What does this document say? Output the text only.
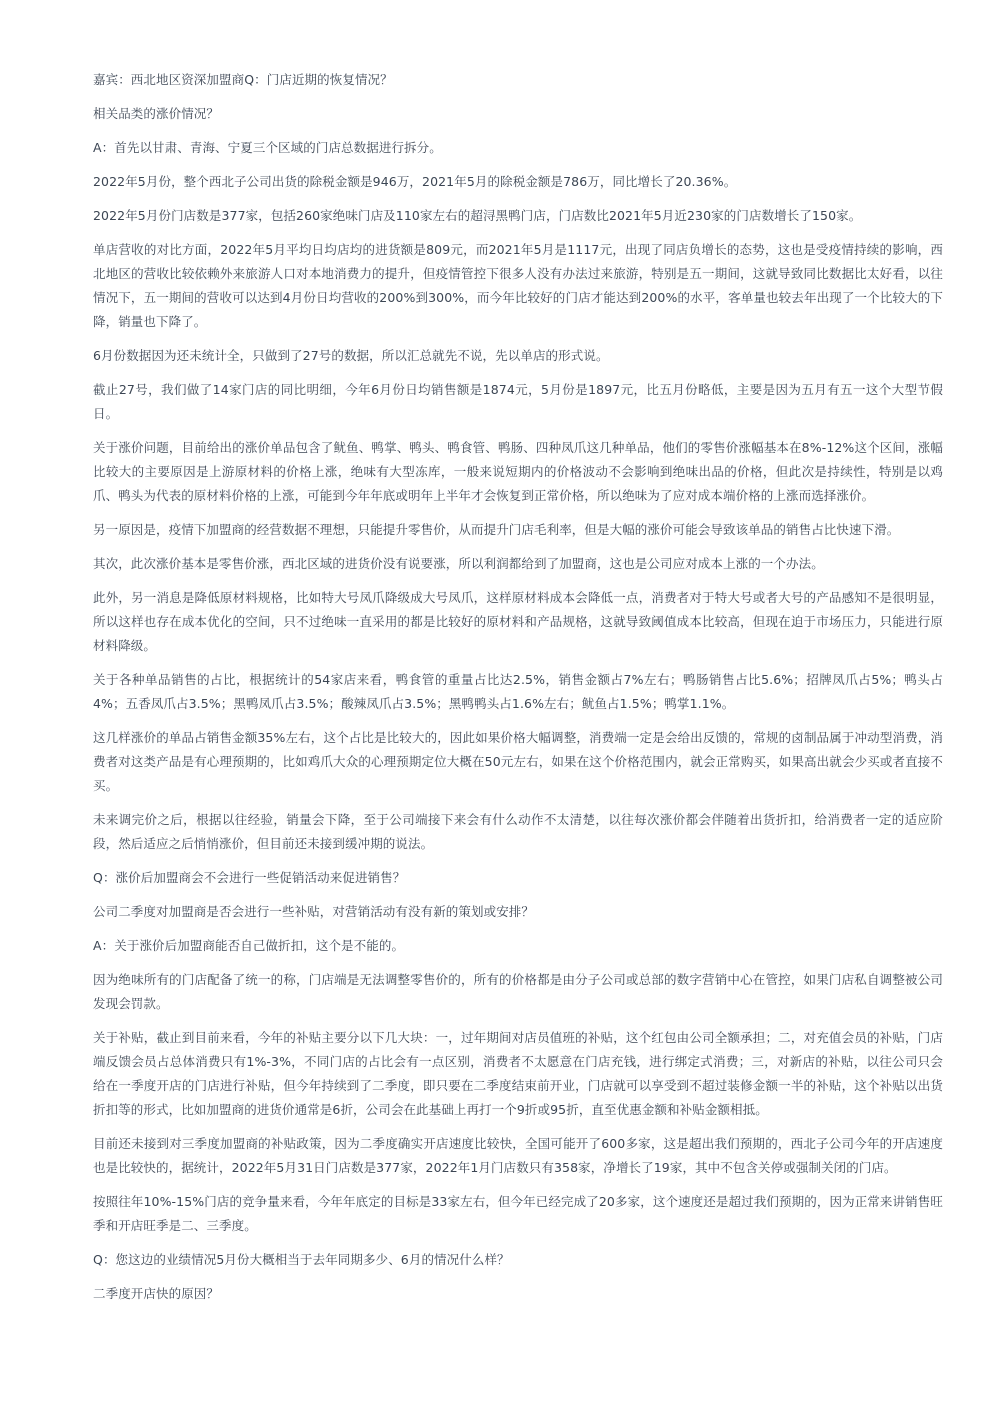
嘉宾：西北地区资深加盟商Q：门店近期的恢复情况？

相关品类的涨价情况？

A：首先以甘肃、青海、宁夏三个区域的门店总数据进行拆分。

2022年5月份，整个西北子公司出货的除税金额是946万，2021年5月的除税金额是786万，同比增长了20.36%。

2022年5月份门店数是377家，包括260家绝味门店及110家左右的超浔黑鸭门店，门店数比2021年5月近230家的门店数增长了150家。

单店营收的对比方面，2022年5月平均日均店均的进货额是809元，而2021年5月是1117元，出现了同店负增长的态势，这也是受疫情持续的影响，西北地区的营收比较依赖外来旅游人口对本地消费力的提升，但疫情管控下很多人没有办法过来旅游，特别是五一期间，这就导致同比数据比太好看，以往情况下，五一期间的营收可以达到4月份日均营收的200%到300%，而今年比较好的门店才能达到200%的水平，客单量也较去年出现了一个比较大的下降，销量也下降了。

6月份数据因为还未统计全，只做到了27号的数据，所以汇总就先不说，先以单店的形式说。

截止27号，我们做了14家门店的同比明细，今年6月份日均销售额是1874元，5月份是1897元，比五月份略低，主要是因为五月有五一这个大型节假日。

关于涨价问题，目前给出的涨价单品包含了鱿鱼、鸭掌、鸭头、鸭食管、鸭肠、四种凤爪这几种单品，他们的零售价涨幅基本在8%-12%这个区间，涨幅比较大的主要原因是上游原材料的价格上涨，绝味有大型冻库，一般来说短期内的价格波动不会影响到绝味出品的价格，但此次是持续性，特别是以鸡爪、鸭头为代表的原材料价格的上涨，可能到今年年底或明年上半年才会恢复到正常价格，所以绝味为了应对成本端价格的上涨而选择涨价。

另一原因是，疫情下加盟商的经营数据不理想，只能提升零售价，从而提升门店毛利率，但是大幅的涨价可能会导致该单品的销售占比快速下滑。

其次，此次涨价基本是零售价涨，西北区域的进货价没有说要涨，所以利润都给到了加盟商，这也是公司应对成本上涨的一个办法。

此外，另一消息是降低原材料规格，比如特大号凤爪降级成大号凤爪，这样原材料成本会降低一点，消费者对于特大号或者大号的产品感知不是很明显，所以这样也存在成本优化的空间，只不过绝味一直采用的都是比较好的原材料和产品规格，这就导致阈值成本比较高，但现在迫于市场压力，只能进行原材料降级。

关于各种单品销售的占比，根据统计的54家店来看，鸭食管的重量占比达2.5%，销售金额占7%左右；鸭肠销售占比5.6%；招牌凤爪占5%；鸭头占4%；五香凤爪占3.5%；黑鸭凤爪占3.5%；酸辣凤爪占3.5%；黑鸭鸭头占1.6%左右；鱿鱼占1.5%；鸭掌1.1%。

这几样涨价的单品占销售金额35%左右，这个占比是比较大的，因此如果价格大幅调整，消费端一定是会给出反馈的，常规的卤制品属于冲动型消费，消费者对这类产品是有心理预期的，比如鸡爪大众的心理预期定位大概在50元左右，如果在这个价格范围内，就会正常购买，如果高出就会少买或者直接不买。

未来调完价之后，根据以往经验，销量会下降，至于公司端接下来会有什么动作不太清楚，以往每次涨价都会伴随着出货折扣，给消费者一定的适应阶段，然后适应之后悄悄涨价，但目前还未接到缓冲期的说法。

Q：涨价后加盟商会不会进行一些促销活动来促进销售？

公司二季度对加盟商是否会进行一些补贴，对营销活动有没有新的策划或安排？

A：关于涨价后加盟商能否自己做折扣，这个是不能的。

因为绝味所有的门店配备了统一的称，门店端是无法调整零售价的，所有的价格都是由分子公司或总部的数字营销中心在管控，如果门店私自调整被公司发现会罚款。

关于补贴，截止到目前来看，今年的补贴主要分以下几大块：一，过年期间对店员值班的补贴，这个红包由公司全额承担；二，对充值会员的补贴，门店端反馈会员占总体消费只有1%-3%，不同门店的占比会有一点区别，消费者不太愿意在门店充钱，进行绑定式消费；三，对新店的补贴，以往公司只会给在一季度开店的门店进行补贴，但今年持续到了二季度，即只要在二季度结束前开业，门店就可以享受到不超过装修金额一半的补贴，这个补贴以出货折扣等的形式，比如加盟商的进货价通常是6折，公司会在此基础上再打一个9折或95折，直至优惠金额和补贴金额相抵。

目前还未接到对三季度加盟商的补贴政策，因为二季度确实开店速度比较快，全国可能开了600多家，这是超出我们预期的，西北子公司今年的开店速度也是比较快的，据统计，2022年5月31日门店数是377家，2022年1月门店数只有358家，净增长了19家，其中不包含关停或强制关闭的门店。

按照往年10%-15%门店的竞争量来看，今年年底定的目标是33家左右，但今年已经完成了20多家，这个速度还是超过我们预期的，因为正常来讲销售旺季和开店旺季是二、三季度。

Q：您这边的业绩情况5月份大概相当于去年同期多少、6月的情况什么样？

二季度开店快的原因？
